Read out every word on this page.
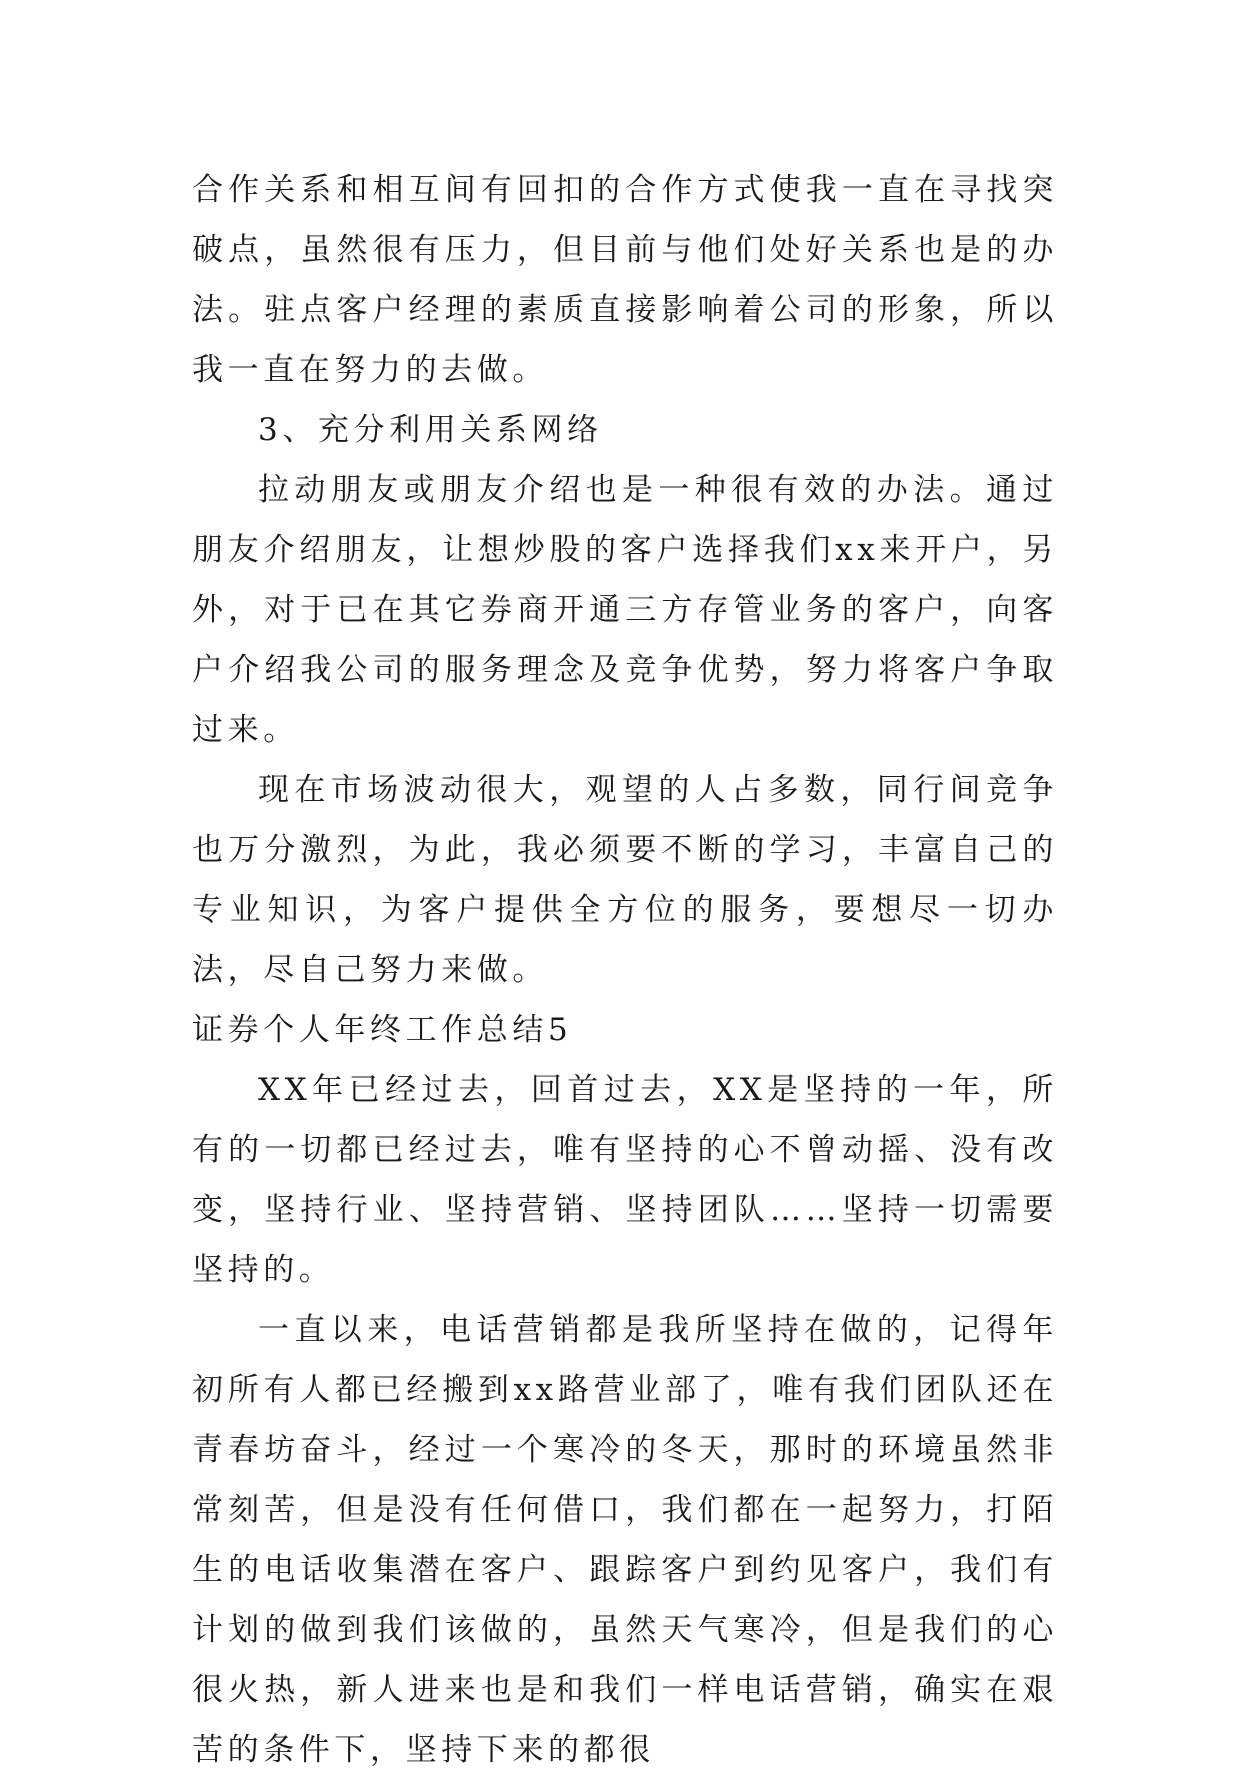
合作关系和相互间有回扣的合作方式使我一直在寻找突破点，虽然很有压力，但目前与他们处好关系也是的办法。驻点客户经理的素质直接影响着公司的形象，所以我一直在努力的去做。

3、充分利用关系网络

拉动朋友或朋友介绍也是一种很有效的办法。通过朋友介绍朋友，让想炒股的客户选择我们xx来开户，另外，对于已在其它券商开通三方存管业务的客户，向客户介绍我公司的服务理念及竞争优势，努力将客户争取过来。

现在市场波动很大，观望的人占多数，同行间竞争也万分激烈，为此，我必须要不断的学习，丰富自己的专业知识，为客户提供全方位的服务，要想尽一切办法，尽自己努力来做。

证券个人年终工作总结5

XX年已经过去，回首过去，XX是坚持的一年，所有的一切都已经过去，唯有坚持的心不曾动摇、没有改变，坚持行业、坚持营销、坚持团队……坚持一切需要坚持的。

一直以来，电话营销都是我所坚持在做的，记得年初所有人都已经搬到xx路营业部了，唯有我们团队还在青春坊奋斗，经过一个寒冷的冬天，那时的环境虽然非常刻苦，但是没有任何借口，我们都在一起努力，打陌生的电话收集潜在客户、跟踪客户到约见客户，我们有计划的做到我们该做的，虽然天气寒冷，但是我们的心很火热，新人进来也是和我们一样电话营销，确实在艰苦的条件下，坚持下来的都很
